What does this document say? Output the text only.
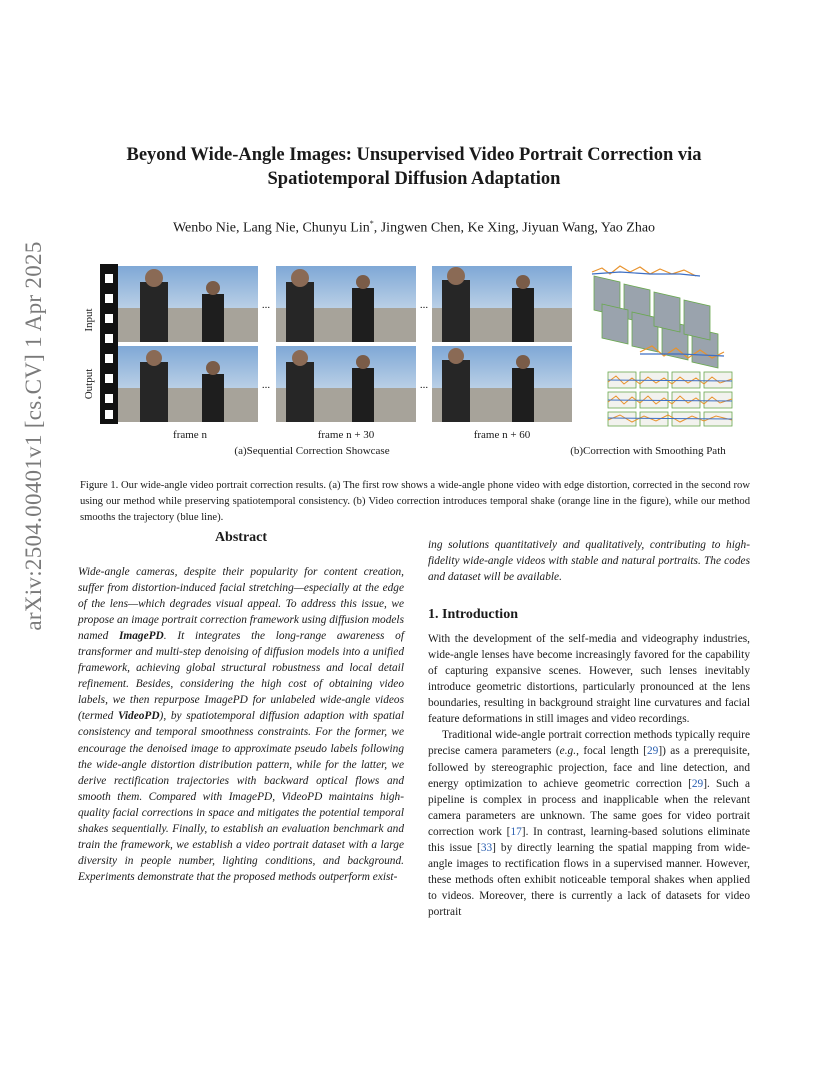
arXiv:2504.00401v1 [cs.CV] 1 Apr 2025
Beyond Wide-Angle Images: Unsupervised Video Portrait Correction via
Spatiotemporal Diffusion Adaptation
Wenbo Nie, Lang Nie, Chunyu Lin*, Jingwen Chen, Ke Xing, Jiyuan Wang, Yao Zhao
Input
Output
...
...
...
...
frame n	frame n + 30	frame n + 60
(a)Sequential Correction Showcase	(b)Correction with Smoothing Path
Figure 1. Our wide-angle video portrait correction results. (a) The first row shows a wide-angle phone video with edge distortion, corrected in the second row using our method while preserving spatiotemporal consistency. (b) Video correction introduces temporal shake (orange line in the figure), while our method smooths the trajectory (blue line).
Abstract

Wide-angle cameras, despite their popularity for content creation, suffer from distortion-induced facial stretching—especially at the edge of the lens—which degrades visual appeal. To address this issue, we propose an image portrait correction framework using diffusion models named ImagePD. It integrates the long-range awareness of transformer and multi-step denoising of diffusion models into a unified framework, achieving global structural robustness and local detail refinement. Besides, considering the high cost of obtaining video labels, we then repurpose ImagePD for unlabeled wide-angle videos (termed VideoPD), by spatiotemporal diffusion adaption with spatial consistency and temporal smoothness constraints. For the former, we encourage the denoised image to approximate pseudo labels following the wide-angle distortion distribution pattern, while for the latter, we derive rectification trajectories with backward optical flows and smooth them. Compared with ImagePD, VideoPD maintains high-quality facial corrections in space and mitigates the potential temporal shakes sequentially. Finally, to establish an evaluation benchmark and train the framework, we establish a video portrait dataset with a large diversity in people number, lighting conditions, and background. Experiments demonstrate that the proposed methods outperform exist-

ing solutions quantitatively and qualitatively, contributing to high-fidelity wide-angle videos with stable and natural portraits. The codes and dataset will be available.

1. Introduction

With the development of the self-media and videography industries, wide-angle lenses have become increasingly favored for the capability of capturing expansive scenes. However, such lenses inevitably introduce geometric distortions, particularly pronounced at the lens boundaries, resulting in background straight line curvatures and facial feature deformations in still images and video recordings.

Traditional wide-angle portrait correction methods typically require precise camera parameters (e.g., focal length [29]) as a prerequisite, followed by stereographic projection, face and line detection, and energy optimization to achieve geometric correction [29]. Such a pipeline is complex in process and inapplicable when the relevant camera parameters are unknown. The same goes for video portrait correction work [17]. In contrast, learning-based solutions eliminate this issue [33] by directly learning the spatial mapping from wide-angle images to rectification flows in a supervised manner. However, these methods often exhibit noticeable temporal shakes when applied to videos. Moreover, there is currently a lack of datasets for video portrait
